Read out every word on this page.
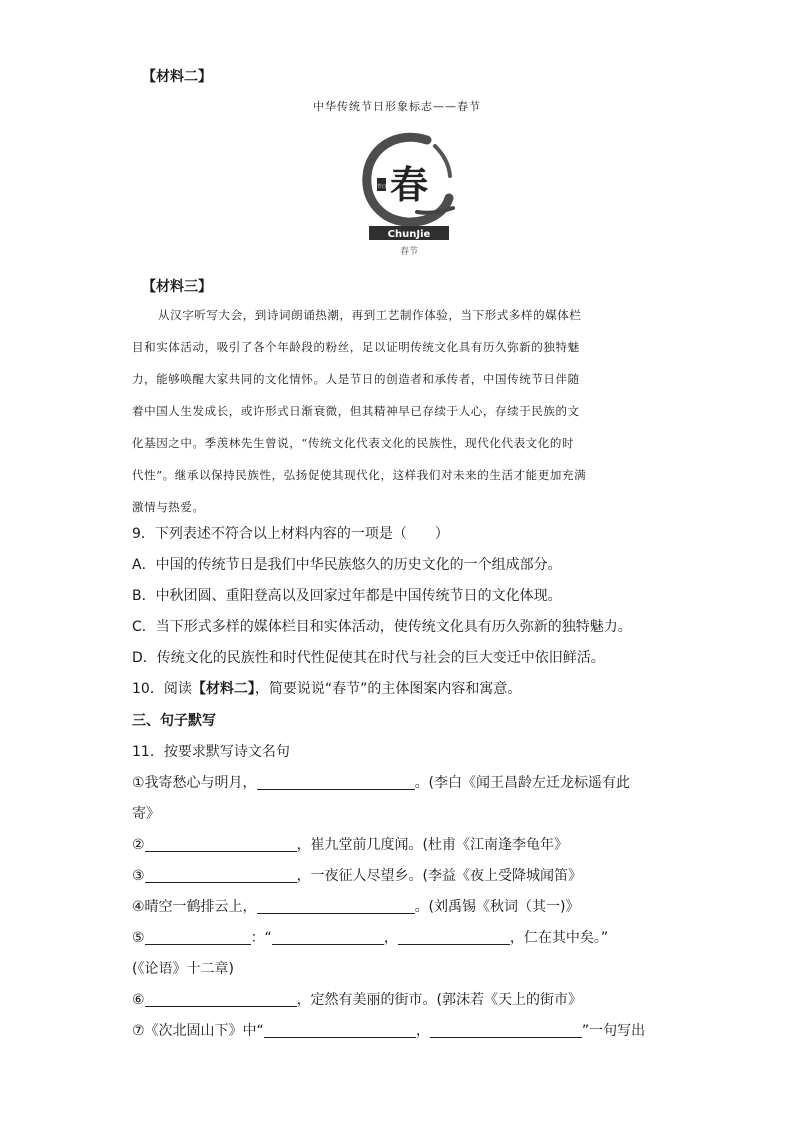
【材料二】
中华传统节日形象标志——春节
节日 春
ChunJie
春节
【材料三】
从汉字听写大会，到诗词朗诵热潮，再到工艺制作体验，当下形式多样的媒体栏
目和实体活动，吸引了各个年龄段的粉丝，足以证明传统文化具有历久弥新的独特魅
力，能够唤醒大家共同的文化情怀。人是节日的创造者和承传者，中国传统节日伴随
着中国人生发成长，或许形式日渐衰微，但其精神早已存续于人心，存续于民族的文
化基因之中。季羡林先生曾说，“传统文化代表文化的民族性，现代化代表文化的时
代性”。继承以保持民族性，弘扬促使其现代化，这样我们对未来的生活才能更加充满
激情与热爱。
9．下列表述不符合以上材料内容的一项是（　　）
A．中国的传统节日是我们中华民族悠久的历史文化的一个组成部分。
B．中秋团圆、重阳登高以及回家过年都是中国传统节日的文化体现。
C．当下形式多样的媒体栏目和实体活动，使传统文化具有历久弥新的独特魅力。
D．传统文化的民族性和时代性促使其在时代与社会的巨大变迁中依旧鲜活。
10．阅读【材料二】，简要说说“春节”的主体图案内容和寓意。
三、句子默写
11．按要求默写诗文名句
①我寄愁心与明月，	。(李白《闻王昌龄左迁龙标遥有此
寄》
②	，崔九堂前几度闻。(杜甫《江南逢李龟年》
③	，一夜征人尽望乡。(李益《夜上受降城闻笛》
④晴空一鹤排云上，	。(刘禹锡《秋词（其一)》
⑤	：“	，	，仁在其中矣。”
(《论语》十二章)
⑥	，定然有美丽的街市。(郭沫若《天上的街市》
⑦《次北固山下》中“	，	”一句写出
